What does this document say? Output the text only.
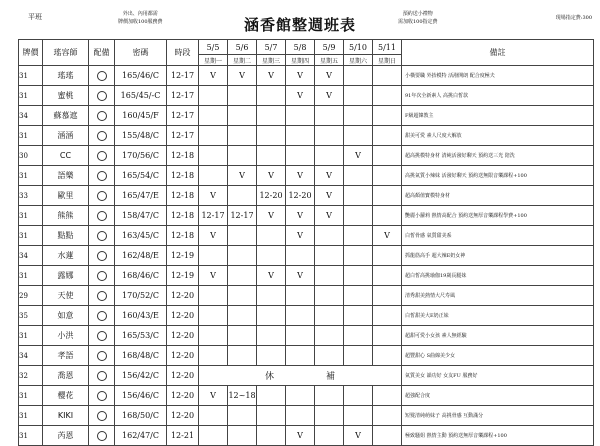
平班	外出、內用都需
牌價加收100服務費	涵香館整週班表
預約送小禮物
需加收100指定費
現場指定費:300
牌價	瑤容師	配備	密碼	時段	5/5	5/6	5/7	5/8	5/9	5/10	5/11	備註
					星期一	星期二	星期三	星期四	星期五	星期六	星期日	
31	瑤瑤		165/46/C	12-17	V	V	V	V	V			小橫要職 外抬模特 活潑開朗 配合度極夫
31	蜜桃		165/45/-C	12-17				V	V			91年次全新素人 高挑白皙款
34	蘇慕遮		160/45/F	12-17								F級超韓教主
31	涵涵		155/48/C	12-17								甜美可愛 素人尺度大解放
30	CC		170/56/C	12-18						V		超高挑模特身材 清純活潑好聊天 預約送三光 陪洗
31	語樂		165/54/C	12-18		V	V	V	V			高挑氣質小辣妹 活潑好聊天 預約送無限音樂課程+100
33	歐里		165/47/E	12-18	V		12-20	12-20	V			超高顏值寶模特身材
31	熊熊		158/47/C	12-18	12-17	12-17	V	V	V			艷麗小蘿莉 熱情高配合 預約送無厚音樂課程學費+100
31	點點		163/45/C	12-18	V			V			V	白皙骨感 氣質甜美系
34	水蓮		162/48/E	12-19								抓龍筋高手 超大辣E奶女神
31	露娜		168/46/C	12-19	V		V	V				超白皙高挑瑜伽19歲長腿妹
29	天使		170/52/C	12-20								清秀甜美熱情大尺寿風
35	如意		160/43/E	12-20								白皙甜美大E奶正妹
31	小洪		165/53/C	12-20								超甜可愛小女孩 素人無經驗
34	孝語		168/48/C	12-20								超豐甜心 S曲線美少女
32	喬恩		156/42/C	12-20	休 補							氣質美女 韻功好 女友FU 服務好
31	櫻花		156/46/C	12-20	V	12~18						超強配合度
31	KIKI		168/50/C	12-20								短髮清純萌妹子 高挑骨感 互動滿分
31	芮恩		162/47/C	12-21				V		V		極致騷姐 熱情主動 預約送無厚音樂課程+100
